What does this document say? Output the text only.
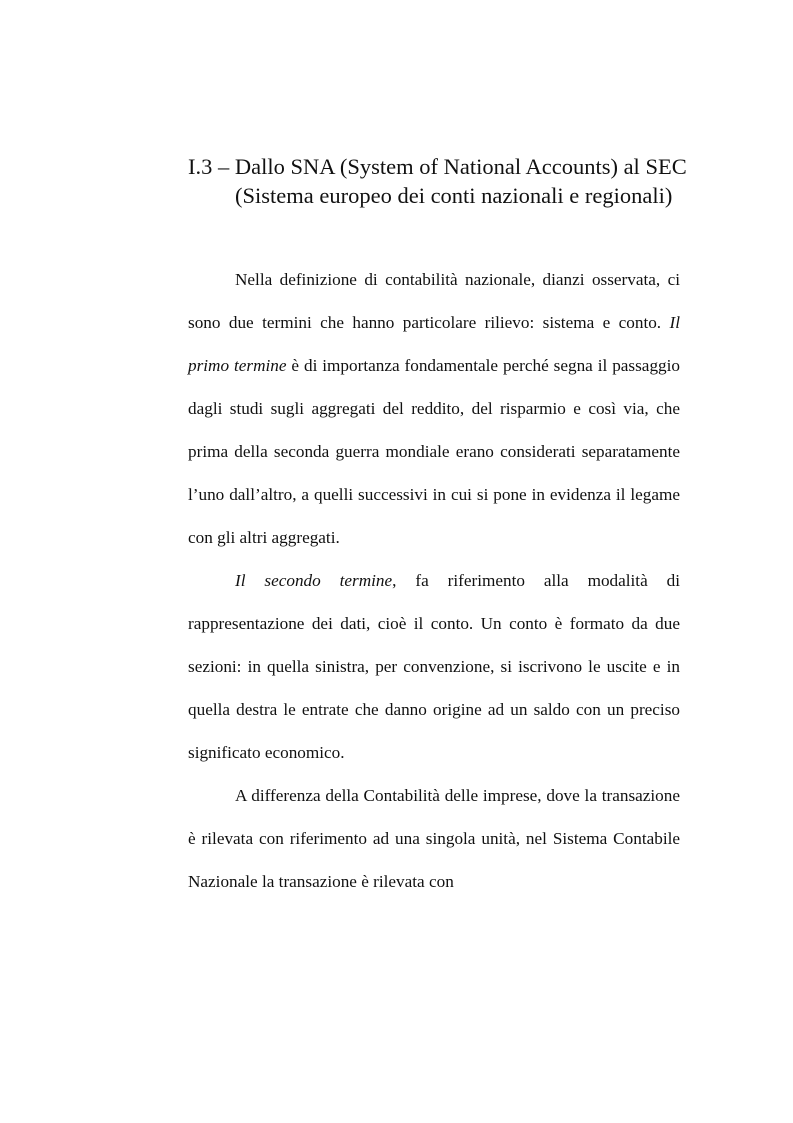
I.3 – Dallo SNA (System of National Accounts) al SEC
(Sistema europeo dei conti nazionali e regionali)

Nella definizione di contabilità nazionale, dianzi osservata, ci sono due termini che hanno particolare rilievo: sistema e conto. Il primo termine è di importanza fondamentale perché segna il passaggio dagli studi sugli aggregati del reddito, del risparmio e così via, che prima della seconda guerra mondiale erano considerati separatamente l’uno dall’altro, a quelli successivi in cui si pone in evidenza il legame con gli altri aggregati.

Il secondo termine, fa riferimento alla modalità di rappresentazione dei dati, cioè il conto. Un conto è formato da due sezioni: in quella sinistra, per convenzione, si iscrivono le uscite e in quella destra le entrate che danno origine ad un saldo con un preciso significato economico.

A differenza della Contabilità delle imprese, dove la transazione è rilevata con riferimento ad una singola unità, nel Sistema Contabile Nazionale la transazione è rilevata con
